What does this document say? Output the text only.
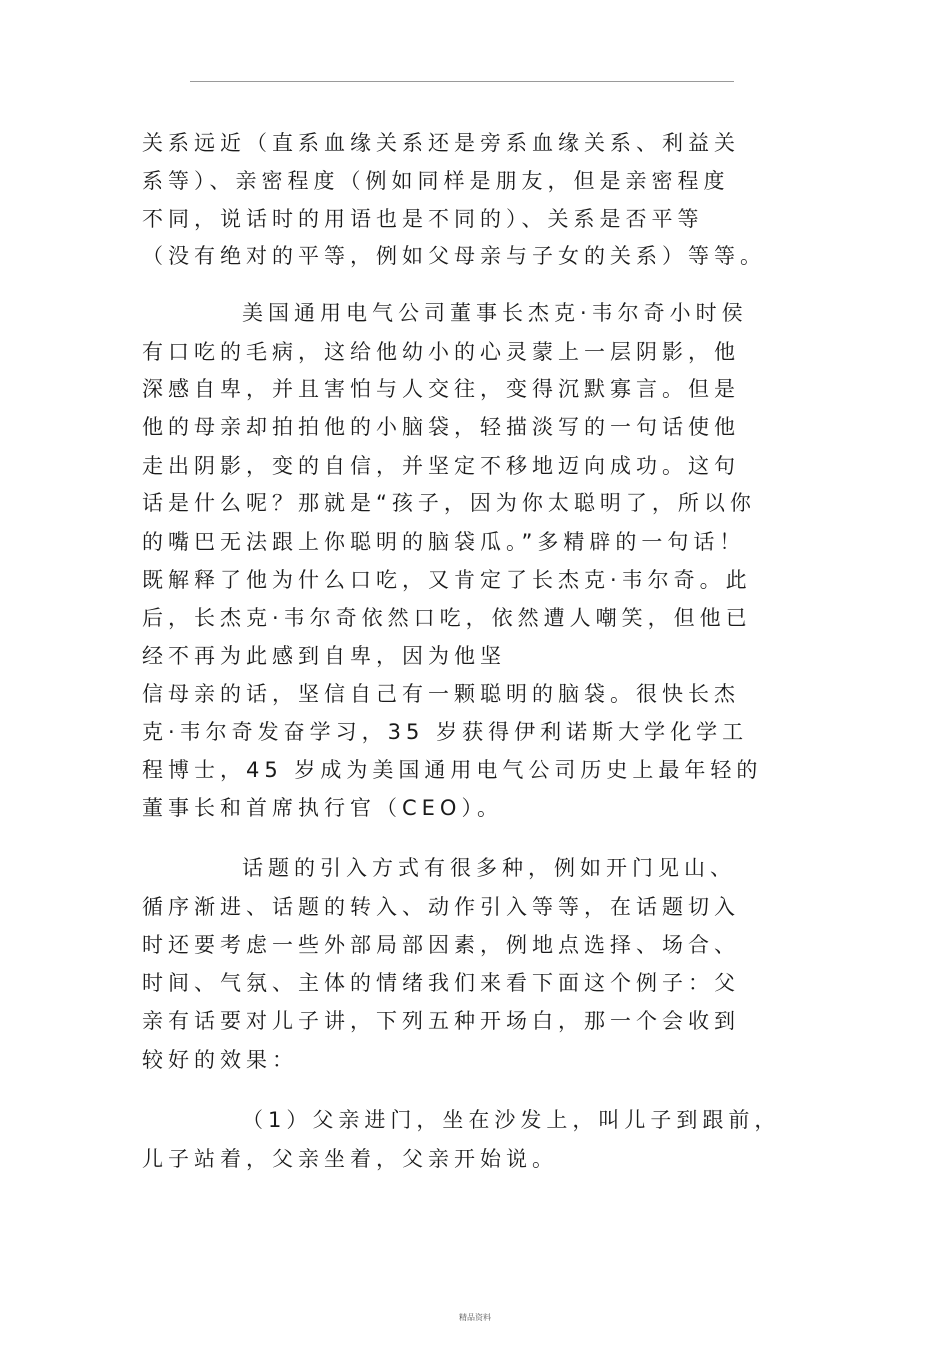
关系远近（直系血缘关系还是旁系血缘关系、利益关
系等）、亲密程度（例如同样是朋友，但是亲密程度
不同，说话时的用语也是不同的）、关系是否平等
（没有绝对的平等，例如父母亲与子女的关系）等等。
美国通用电气公司董事长杰克·韦尔奇小时侯
有口吃的毛病，这给他幼小的心灵蒙上一层阴影，他
深感自卑，并且害怕与人交往，变得沉默寡言。但是
他的母亲却拍拍他的小脑袋，轻描淡写的一句话使他
走出阴影，变的自信，并坚定不移地迈向成功。这句
话是什么呢？那就是“孩子，因为你太聪明了，所以你
的嘴巴无法跟上你聪明的脑袋瓜。”多精辟的一句话！
既解释了他为什么口吃，又肯定了长杰克·韦尔奇。此
后，长杰克·韦尔奇依然口吃，依然遭人嘲笑，但他已
经不再为此感到自卑，因为他坚
信母亲的话，坚信自己有一颗聪明的脑袋。很快长杰
克·韦尔奇发奋学习，35 岁获得伊利诺斯大学化学工
程博士，45 岁成为美国通用电气公司历史上最年轻的
董事长和首席执行官（CEO）。
话题的引入方式有很多种，例如开门见山、
循序渐进、话题的转入、动作引入等等，在话题切入
时还要考虑一些外部局部因素，例地点选择、场合、
时间、气氛、主体的情绪我们来看下面这个例子：父
亲有话要对儿子讲，下列五种开场白，那一个会收到
较好的效果：
（1）父亲进门，坐在沙发上，叫儿子到跟前，
儿子站着，父亲坐着，父亲开始说。
精品资料
